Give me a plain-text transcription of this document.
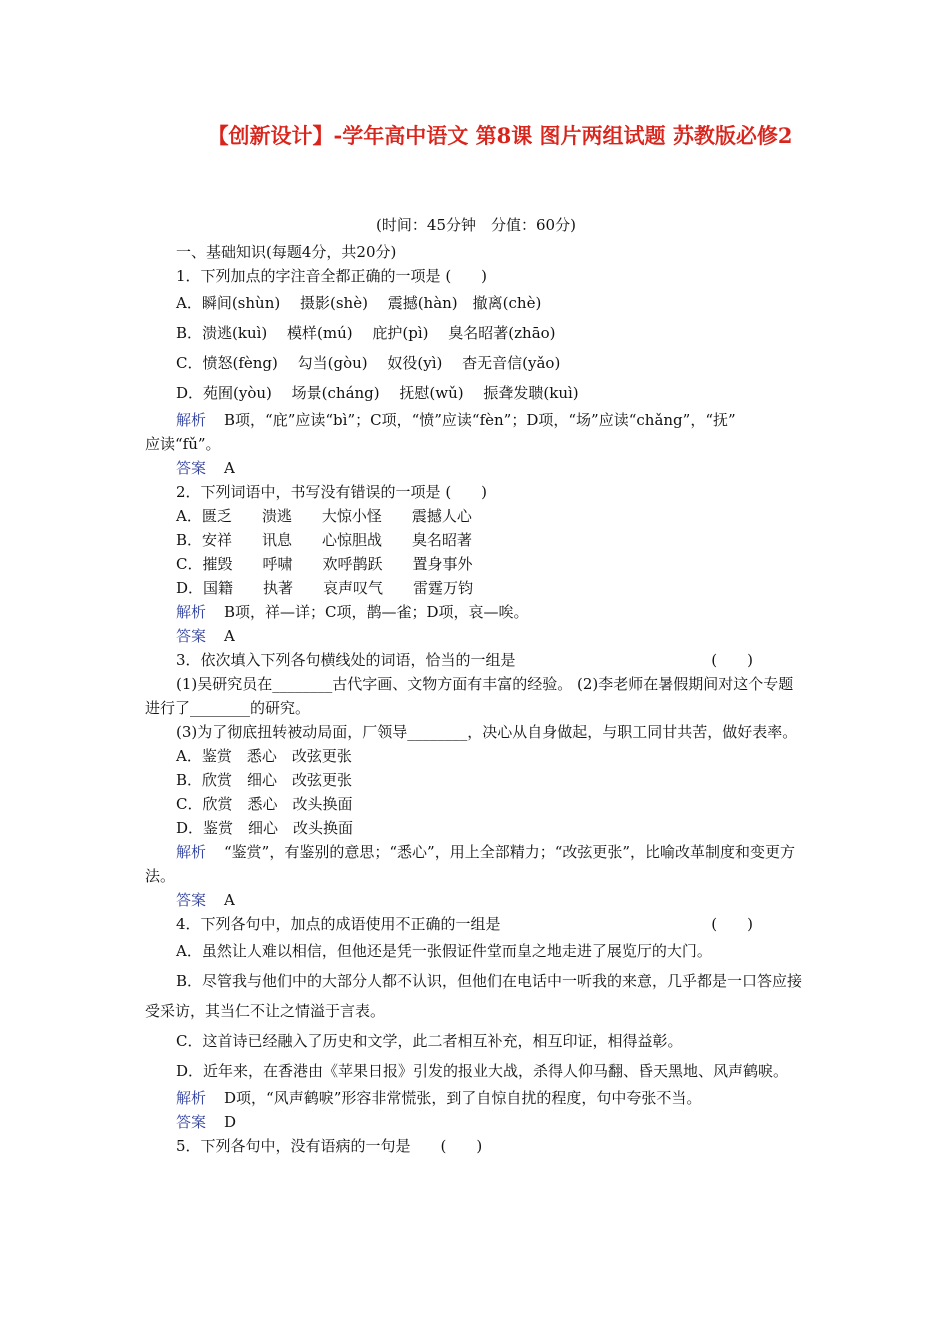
【创新设计】-学年高中语文 第8课 图片两组试题 苏教版必修2
(时间：45分钟　分值：60分)
一、基础知识(每题4分，共20分)
1．下列加点的字注音全都正确的一项是 (　　)
A．瞬间(shùn)　 摄影(shè)　 震撼(hàn)　撤离(chè)
B．溃逃(kuì)　 模样(mú)　 庇护(pì)　 臭名昭著(zhāo)
C．愤怒(fèng)　 勾当(gòu)　 奴役(yì)　 杳无音信(yǎo)
D．苑囿(yòu)　 场景(cháng)　 抚慰(wǔ)　 振聋发聩(kuì)
解析 B项，“庇”应读“bì”；C项，“愤”应读“fèn”；D项，“场”应读“chǎng”，“抚”
应读“fǔ”。
答案 A
2．下列词语中，书写没有错误的一项是 (　　)
A．匮乏　　溃逃　　大惊小怪　　震撼人心
B．安祥　　讯息　　心惊胆战　　臭名昭著
C．摧毁　　呼啸　　欢呼鹊跃　　置身事外
D．国籍　　执著　　哀声叹气　　雷霆万钧
解析 B项，祥—详；C项，鹊—雀；D项，哀—唉。
答案 A
3．依次填入下列各句横线处的词语，恰当的一组是	(　　)
(1)吴研究员在________古代字画、文物方面有丰富的经验。 (2)李老师在暑假期间对这个专题进行了________的研究。
(3)为了彻底扭转被动局面，厂领导________，决心从自身做起，与职工同甘共苦，做好表率。
A．鉴赏　悉心　改弦更张
B．欣赏　细心　改弦更张
C．欣赏　悉心　改头换面
D．鉴赏　细心　改头换面
解析 “鉴赏”，有鉴别的意思；“悉心”，用上全部精力；“改弦更张”，比喻改革制度和变更方法。
答案 A
4．下列各句中，加点的成语使用不正确的一组是	(　　)
A．虽然让人难以相信，但他还是凭一张假证件堂而皇之地走进了展览厅的大门。
B．尽管我与他们中的大部分人都不认识，但他们在电话中一听我的来意，几乎都是一口答应接受采访，其当仁不让之情溢于言表。
C．这首诗已经融入了历史和文学，此二者相互补充，相互印证，相得益彰。
D．近年来，在香港由《苹果日报》引发的报业大战，杀得人仰马翻、昏天黑地、风声鹤唳。
解析 D项，“风声鹤唳”形容非常慌张，到了自惊自扰的程度，句中夸张不当。
答案 D
5．下列各句中，没有语病的一句是　　(　　)
